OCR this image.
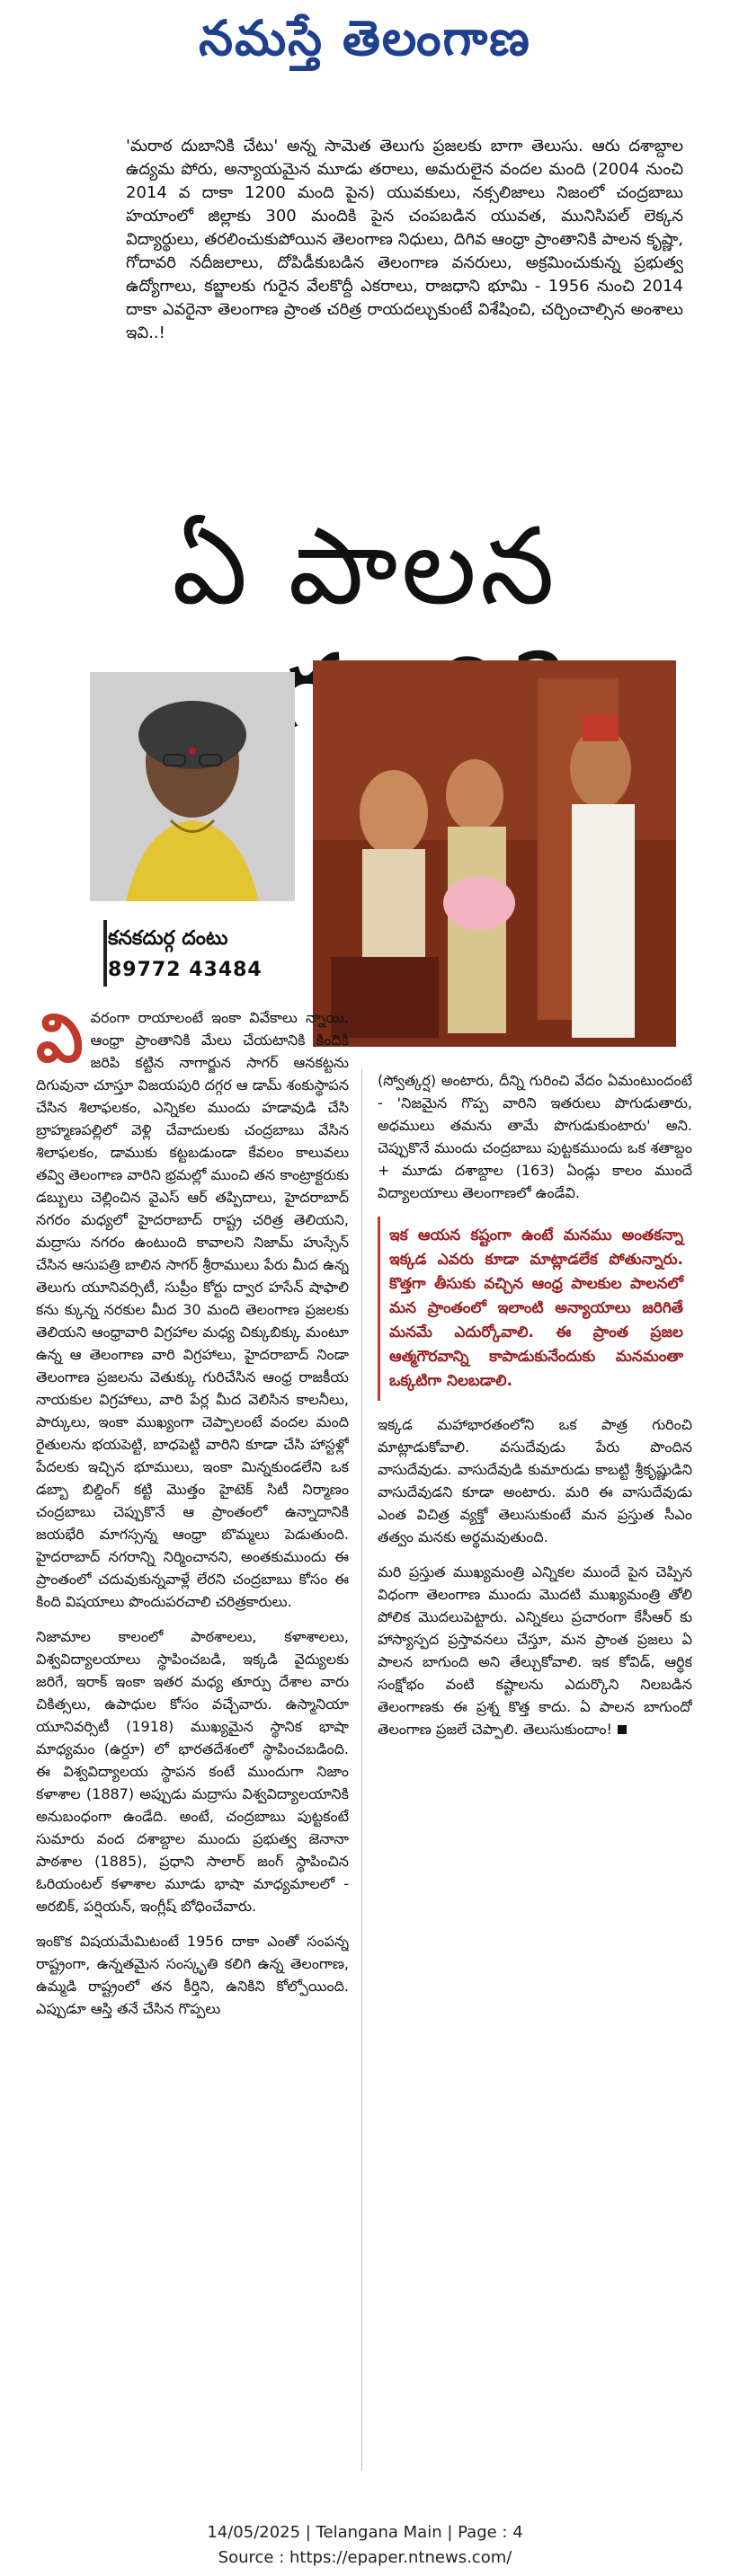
నమస్తే తెలంగాణ
'మరాఠ దుబానికి చేటు' అన్న సామెత తెలుగు ప్రజలకు బాగా తెలుసు. ఆరు దశాబ్దాల ఉద్యమ పోరు, అన్యాయమైన మూడు తరాలు, అమరులైన వందల మంది (2004 నుంచి 2014 వ దాకా 1200 మంది పైన) యువకులు, నక్సలిజాలు నిజంలో చంద్రబాబు హయాంలో జిల్లాకు 300 మందికి పైన చంపబడిన యువత, మునిసిపల్ లెక్కన విద్యార్థులు, తరలించుకుపోయిన తెలంగాణ నిధులు, దిగివ ఆంధ్రా ప్రాంతానికి పాలన కృష్ణా, గోదావరి నదీజలాలు, దోపిడీకుబడిన తెలంగాణ వనరులు, అక్రమించుకున్న ప్రభుత్వ ఉద్యోగాలు, కబ్జాలకు గురైన వేలకొద్దీ ఎకరాలు, రాజధాని భూమి - 1956 నుంచి 2014 దాకా ఎవరైనా తెలంగాణ ప్రాంత చరిత్ర రాయదల్చుకుంటే విశేషించి, చర్చించాల్సిన అంశాలు ఇవి..!
ఏ పాలన
కనకదుర్గ దంటు
89772 43484

వివరంగా రాయాలంటే ఇంకా వివేకాలు న్నాయి. ఆంధ్రా ప్రాంతానికి మేలు చేయటానికి కిందికి జరిపి కట్టిన నాగార్జున సాగర్ ఆనకట్టను దిగువునా చూస్తూ విజయపురి దగ్గర ఆ డామ్ శంకుస్థాపన చేసిన శిలాఫలకం, ఎన్నికల ముందు హడావుడి చేసి బ్రాహ్మణపల్లిలో వెళ్లి చేవాదులకు చంద్రబాబు వేసిన శిలాఫలకం, డాముకు కట్టబడుండా కేవలం కాలువలు తవ్వి తెలంగాణ వారిని భ్రమల్లో ముంచి తన కాంట్రాక్టరుకు డబ్బులు చెల్లించిన వైఎస్ ఆర్ తప్పిదాలు, హైదరాబాద్ నగరం మధ్యలో హైదరాబాద్ రాష్ట్ర చరిత్ర తెలియని, మద్రాసు నగరం ఉంటుంది కావాలని నిజామ్ హుస్సేన్ చేసిన ఆసుపత్రి బాలిన సాగర్ శ్రీరాములు పేరు మీద ఉన్న తెలుగు యూనివర్సిటీ, సుప్రీం కోర్టు ద్వార హసేన్ షాఫాలి కను క్కున్న నరకుల మీద 30 మంది తెలంగాణ ప్రజలకు తెలియని ఆంధ్రావారి విగ్రహాల మధ్య చిక్కుబిక్కు మంటూ ఉన్న ఆ తెలంగాణ వారి విగ్రహాలు, హైదరాబాద్ నిండా తెలంగాణ ప్రజలను వెతుక్కు గురిచేసిన ఆంధ్ర రాజకీయ నాయకుల విగ్రహాలు, వారి పేర్ల మీద వెలిసిన కాలనీలు, పార్కులు, ఇంకా ముఖ్యంగా చెప్పాలంటే వందల మంది రైతులను భయపెట్టి, బాధపెట్టి వారిని కూడా చేసి హాస్టళ్లో పేదలకు ఇచ్చిన భూములు, ఇంకా మిన్నకుండలేని ఒక డబ్బా బిల్డింగ్ కట్టి మొత్తం హైటెక్ సిటీ నిర్మాణం చంద్రబాబు చెప్పుకొనే ఆ ప్రాంతంలో ఉన్నాదానికి జయభేరి మాగస్సన్న ఆంధ్రా బొమ్మలు పెడుతుంది. హైదరాబాద్ నగరాన్ని నిర్మించానని, అంతకుముందు ఈ ప్రాంతంలో చదువుకున్నవాళ్లే లేరని చంద్రబాబు కోసం ఈ కింది విషయాలు పొందుపరచాలి చరిత్రకారులు.

నిజామాల కాలంలో పాఠశాలలు, కళాశాలలు, విశ్వవిద్యాలయాలు స్థాపించబడి, ఇక్కడి వైద్యులకు జరిగే, ఇరాక్ ఇంకా ఇతర మధ్య తూర్పు దేశాల వారు చికిత్సలు, ఉపాధుల కోసం వచ్చేవారు. ఉస్మానియా యూనివర్సిటీ (1918) ముఖ్యమైన స్థానిక భాషా మాధ్యమం (ఉర్దూ) లో భారతదేశంలో స్థాపించబడింది. ఈ విశ్వవిద్యాలయ స్థాపన కంటే ముందుగా నిజాం కళాశాల (1887) అప్పుడు మద్రాసు విశ్వవిద్యాలయానికి అనుబంధంగా ఉండేది. అంటే, చంద్రబాబు పుట్టకంటే సుమారు వంద దశాబ్దాల ముందు ప్రభుత్వ జెనానా పాఠశాల (1885), ప్రధాని సాలార్ జంగ్ స్థాపించిన ఓరియంటల్ కళాశాల మూడు భాషా మాధ్యమాలలో - అరబిక్, పర్షియన్, ఇంగ్లీష్ బోధించేవారు.

ఇంకొక విషయమేమిటంటే 1956 దాకా ఎంతో సంపన్న రాష్ట్రంగా, ఉన్నతమైన సంస్కృతి కలిగి ఉన్న తెలంగాణ, ఉమ్మడి రాష్ట్రంలో తన కీర్తిని, ఉనికిని కోల్పోయింది. ఎప్పుడూ ఆస్తి తనే చేసిన గొప్పలు

(స్వోత్కర్ష) అంటారు, దీన్ని గురించి వేదం ఏమంటుందంటే - 'నిజమైన గొప్ప వారిని ఇతరులు పొగుడుతారు, అధములు తమను తామే పొగుడుకుంటారు' అని. చెప్పుకొనే ముందు చంద్రబాబు పుట్టకముందు ఒక శతాబ్దం + మూడు దశాబ్దాల (163) ఏండ్లు కాలం ముందే విద్యాలయాలు తెలంగాణలో ఉండేవి.

ఇక ఆయన కష్టంగా ఉంటే మనము అంతకన్నా ఇక్కడ ఎవరు కూడా మాట్లాడలేక పోతున్నారు. కొత్తగా తీసుకు వచ్చిన ఆంధ్ర పాలకుల పాలనలో మన ప్రాంతంలో ఇలాంటి అన్యాయాలు జరిగితే మనమే ఎదుర్కోవాలి. ఈ ప్రాంత ప్రజల ఆత్మగౌరవాన్ని కాపాడుకునేందుకు మనమంతా ఒక్కటిగా నిలబడాలి.

ఇక్కడ మహాభారతంలోని ఒక పాత్ర గురించి మాట్లాడుకోవాలి. వసుదేవుడు పేరు పొందిన వాసుదేవుడు. వాసుదేవుడి కుమారుడు కాబట్టి శ్రీకృష్ణుడిని వాసుదేవుడని కూడా అంటారు. మరి ఈ వాసుదేవుడు ఎంత విచిత్ర వ్యక్తో తెలుసుకుంటే మన ప్రస్తుత సీఎం తత్వం మనకు అర్థమవుతుంది.

మరి ప్రస్తుత ముఖ్యమంత్రి ఎన్నికల ముందే పైన చెప్పిన విధంగా తెలంగాణ ముందు మొదటి ముఖ్యమంత్రి తోలి పోలిక మొదలుపెట్టారు. ఎన్నికలు ప్రచారంగా కేసీఆర్ కు హాస్యాస్పద ప్రస్తావనలు చేస్తూ, మన ప్రాంత ప్రజలు ఏ పాలన బాగుంది అని తేల్చుకోవాలి. ఇక కోవిడ్, ఆర్థిక సంక్షోభం వంటి కష్టాలను ఎదుర్కొని నిలబడిన తెలంగాణకు ఈ ప్రశ్న కొత్త కాదు. ఏ పాలన బాగుందో తెలంగాణ ప్రజలే చెప్పాలి. తెలుసుకుందాం!

14/05/2025 | Telangana Main | Page : 4
Source : https://epaper.ntnews.com/
